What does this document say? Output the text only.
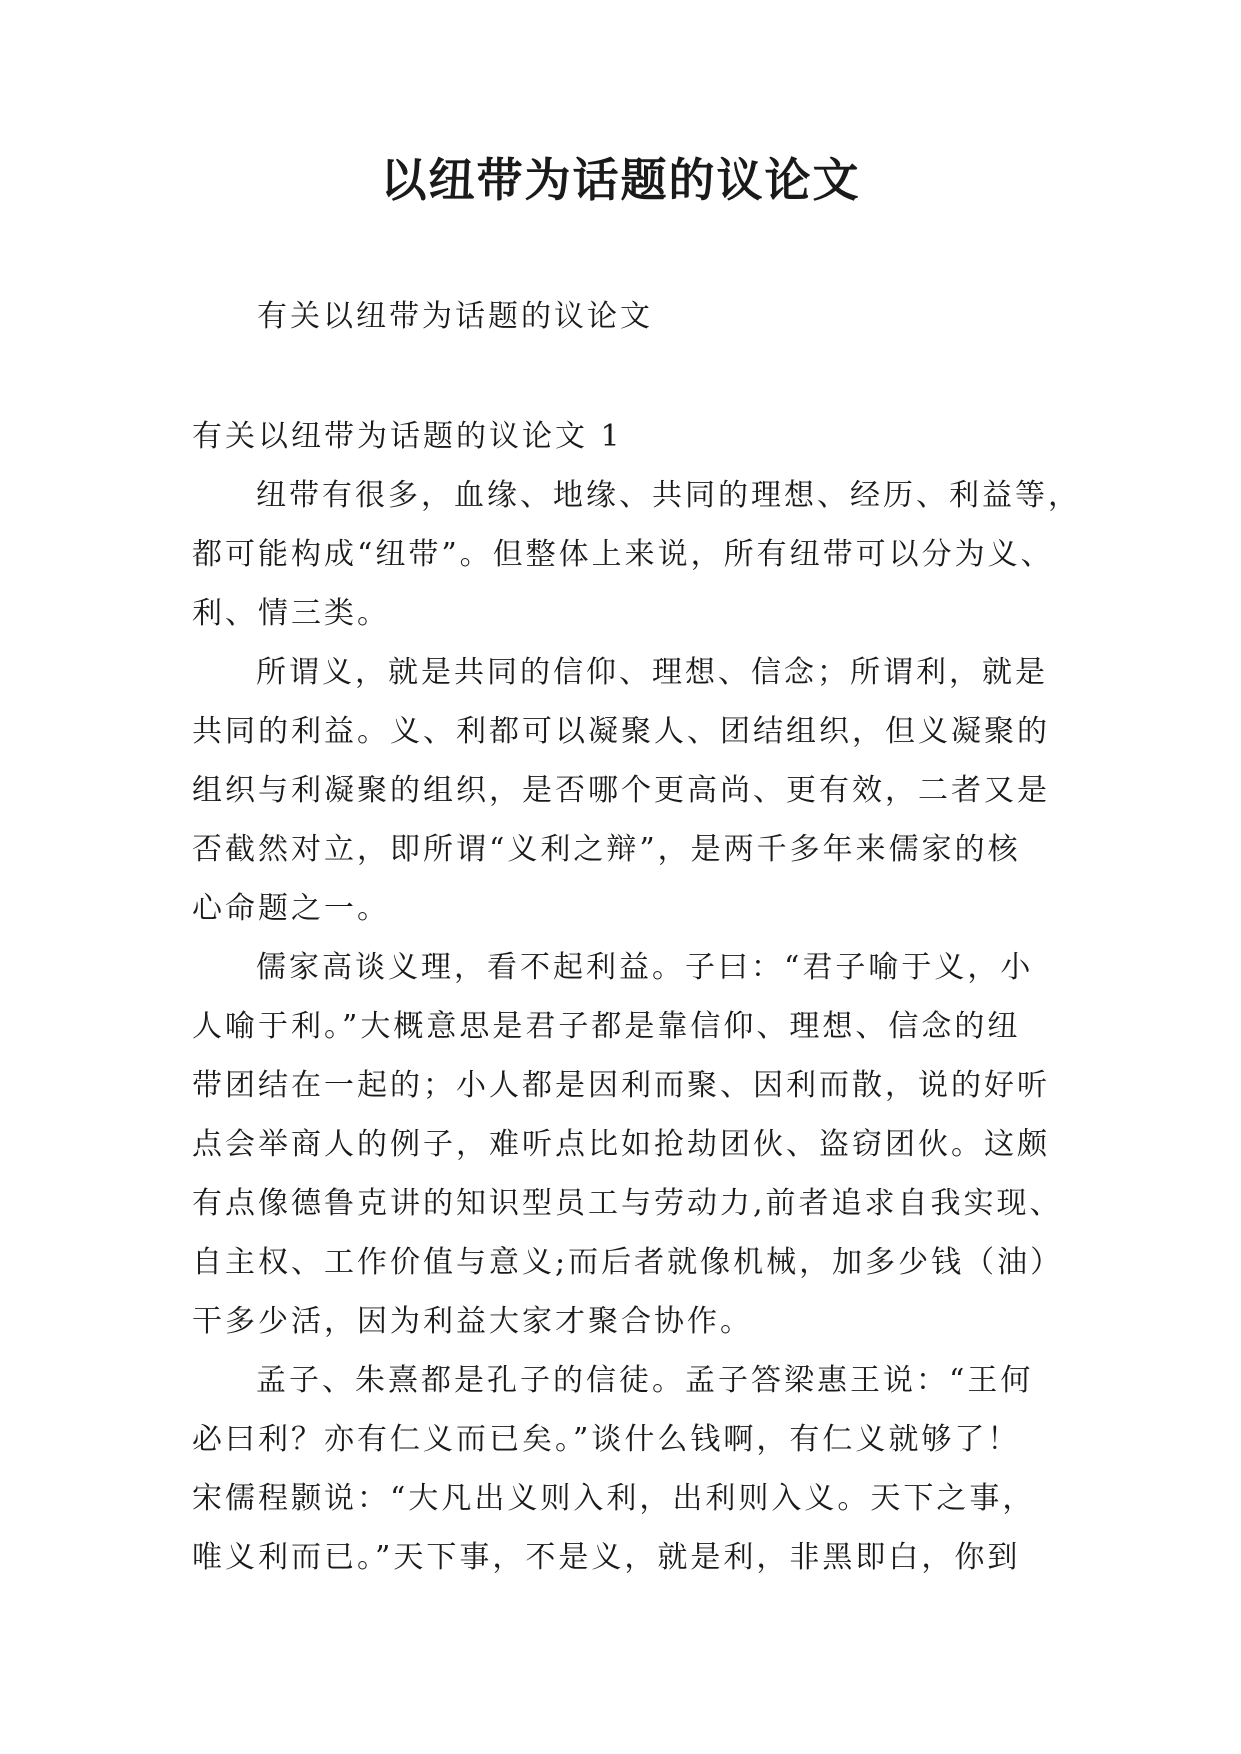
以纽带为话题的议论文
有关以纽带为话题的议论文
有关以纽带为话题的议论文 1
纽带有很多，血缘、地缘、共同的理想、经历、利益等，
都可能构成“纽带”。但整体上来说，所有纽带可以分为义、
利、情三类。
所谓义，就是共同的信仰、理想、信念；所谓利，就是
共同的利益。义、利都可以凝聚人、团结组织，但义凝聚的
组织与利凝聚的组织，是否哪个更高尚、更有效，二者又是
否截然对立，即所谓“义利之辩”，是两千多年来儒家的核
心命题之一。
儒家高谈义理，看不起利益。子曰：“君子喻于义，小
人喻于利。”大概意思是君子都是靠信仰、理想、信念的纽
带团结在一起的；小人都是因利而聚、因利而散，说的好听
点会举商人的例子，难听点比如抢劫团伙、盗窃团伙。这颇
有点像德鲁克讲的知识型员工与劳动力,前者追求自我实现、
自主权、工作价值与意义;而后者就像机械，加多少钱（油）
干多少活，因为利益大家才聚合协作。
孟子、朱熹都是孔子的信徒。孟子答梁惠王说：“王何
必曰利？亦有仁义而已矣。”谈什么钱啊，有仁义就够了！
宋儒程颢说：“大凡出义则入利，出利则入义。天下之事，
唯义利而已。”天下事，不是义，就是利，非黑即白，你到
